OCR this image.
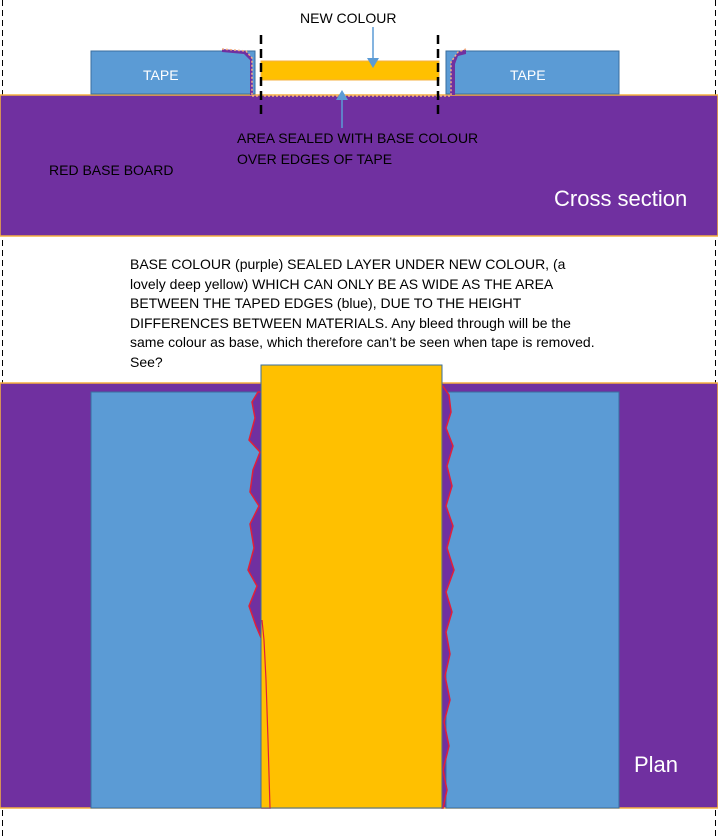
NEW COLOUR
TAPE	TAPE
AREA SEALED WITH BASE COLOUR
OVER EDGES OF TAPE
RED BASE BOARD
Cross section
BASE COLOUR (purple) SEALED LAYER UNDER NEW COLOUR, (a lovely deep yellow) WHICH CAN ONLY BE AS WIDE AS THE AREA BETWEEN THE TAPED EDGES (blue), DUE TO THE HEIGHT DIFFERENCES BETWEEN MATERIALS. Any bleed through will be the same colour as base, which therefore can’t be seen when tape is removed. See?
Plan
